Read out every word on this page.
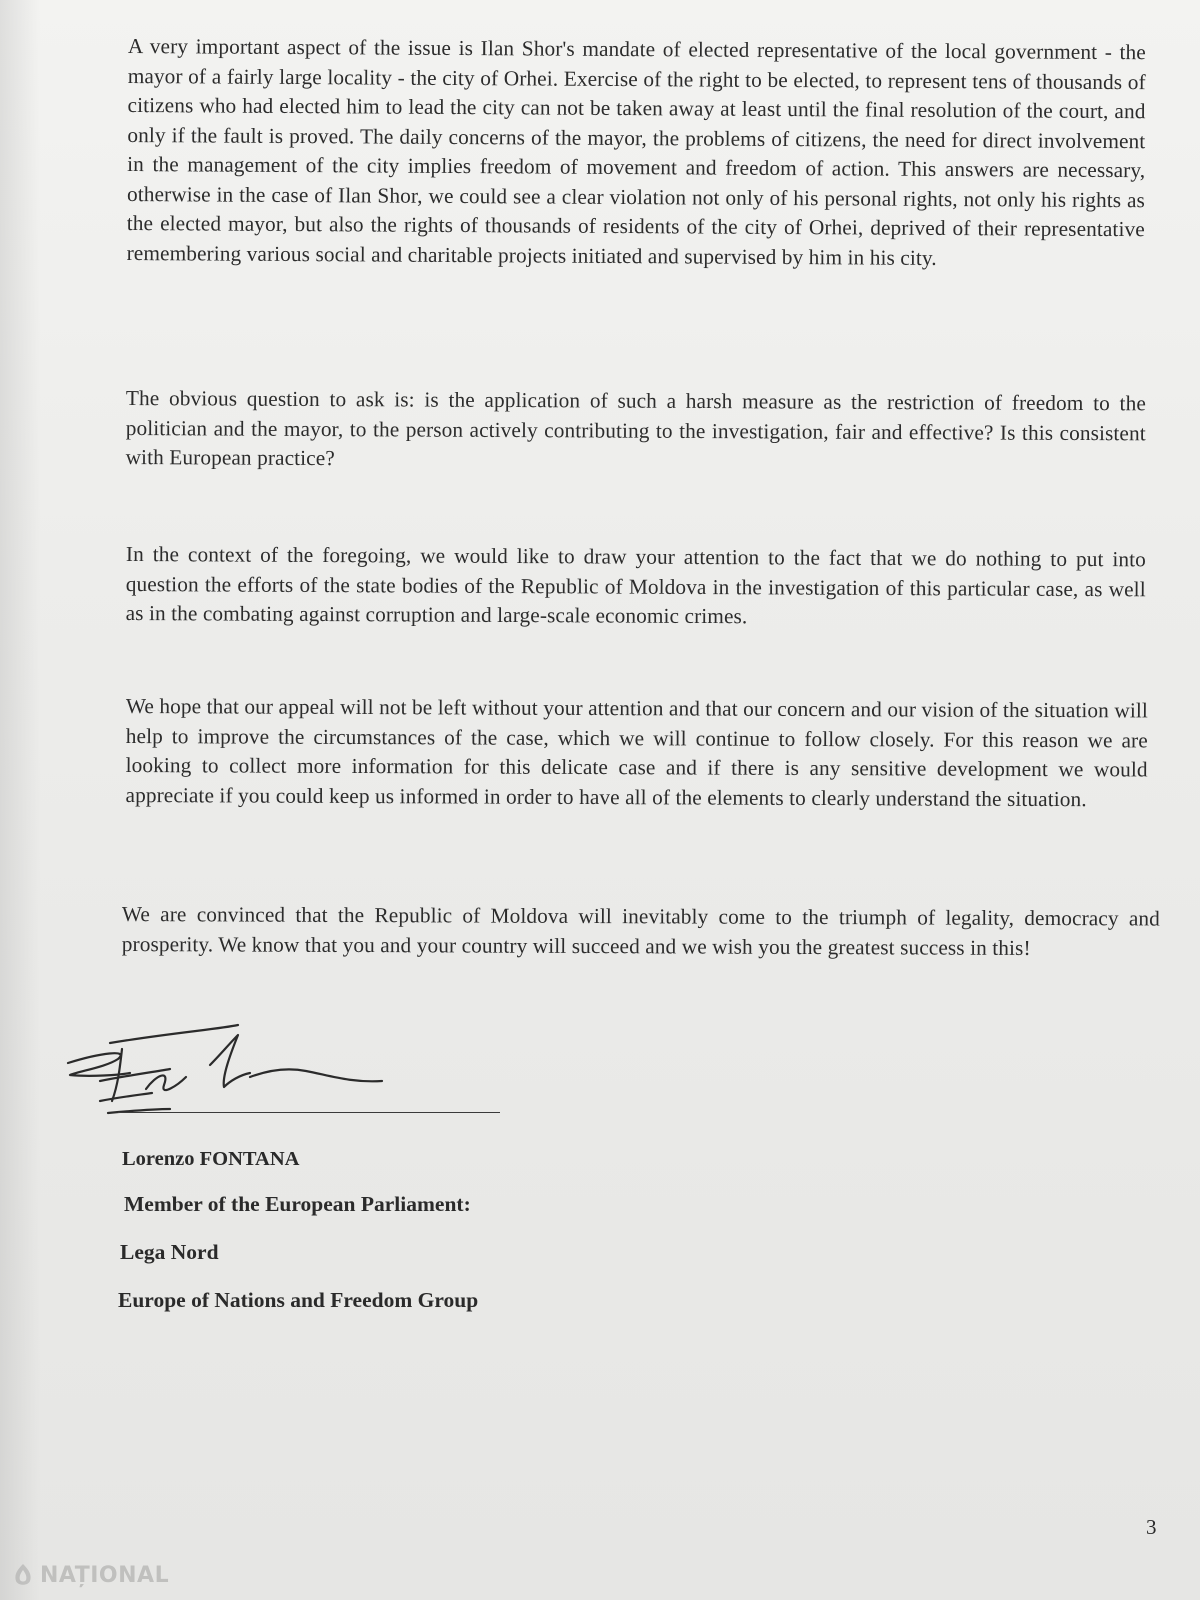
A very important aspect of the issue is Ilan Shor's mandate of elected representative of the local government - the mayor of a fairly large locality - the city of Orhei. Exercise of the right to be elected, to represent tens of thousands of citizens who had elected him to lead the city can not be taken away at least until the final resolution of the court, and only if the fault is proved. The daily concerns of the mayor, the problems of citizens, the need for direct involvement in the management of the city implies freedom of movement and freedom of action. This answers are necessary, otherwise in the case of Ilan Shor, we could see a clear violation not only of his personal rights, not only his rights as the elected mayor, but also the rights of thousands of residents of the city of Orhei, deprived of their representative remembering various social and charitable projects initiated and supervised by him in his city.

The obvious question to ask is: is the application of such a harsh measure as the restriction of freedom to the politician and the mayor, to the person actively contributing to the investigation, fair and effective? Is this consistent with European practice?

In the context of the foregoing, we would like to draw your attention to the fact that we do nothing to put into question the efforts of the state bodies of the Republic of Moldova in the investigation of this particular case, as well as in the combating against corruption and large-scale economic crimes.

We hope that our appeal will not be left without your attention and that our concern and our vision of the situation will help to improve the circumstances of the case, which we will continue to follow closely. For this reason we are looking to collect more information for this delicate case and if there is any sensitive development we would appreciate if you could keep us informed in order to have all of the elements to clearly understand the situation.

We are convinced that the Republic of Moldova will inevitably come to the triumph of legality, democracy and prosperity. We know that you and your country will succeed and we wish you the greatest success in this!

Lorenzo FONTANA
Member of the European Parliament:
Lega Nord
Europe of Nations and Freedom Group
3
NAȚIONAL
